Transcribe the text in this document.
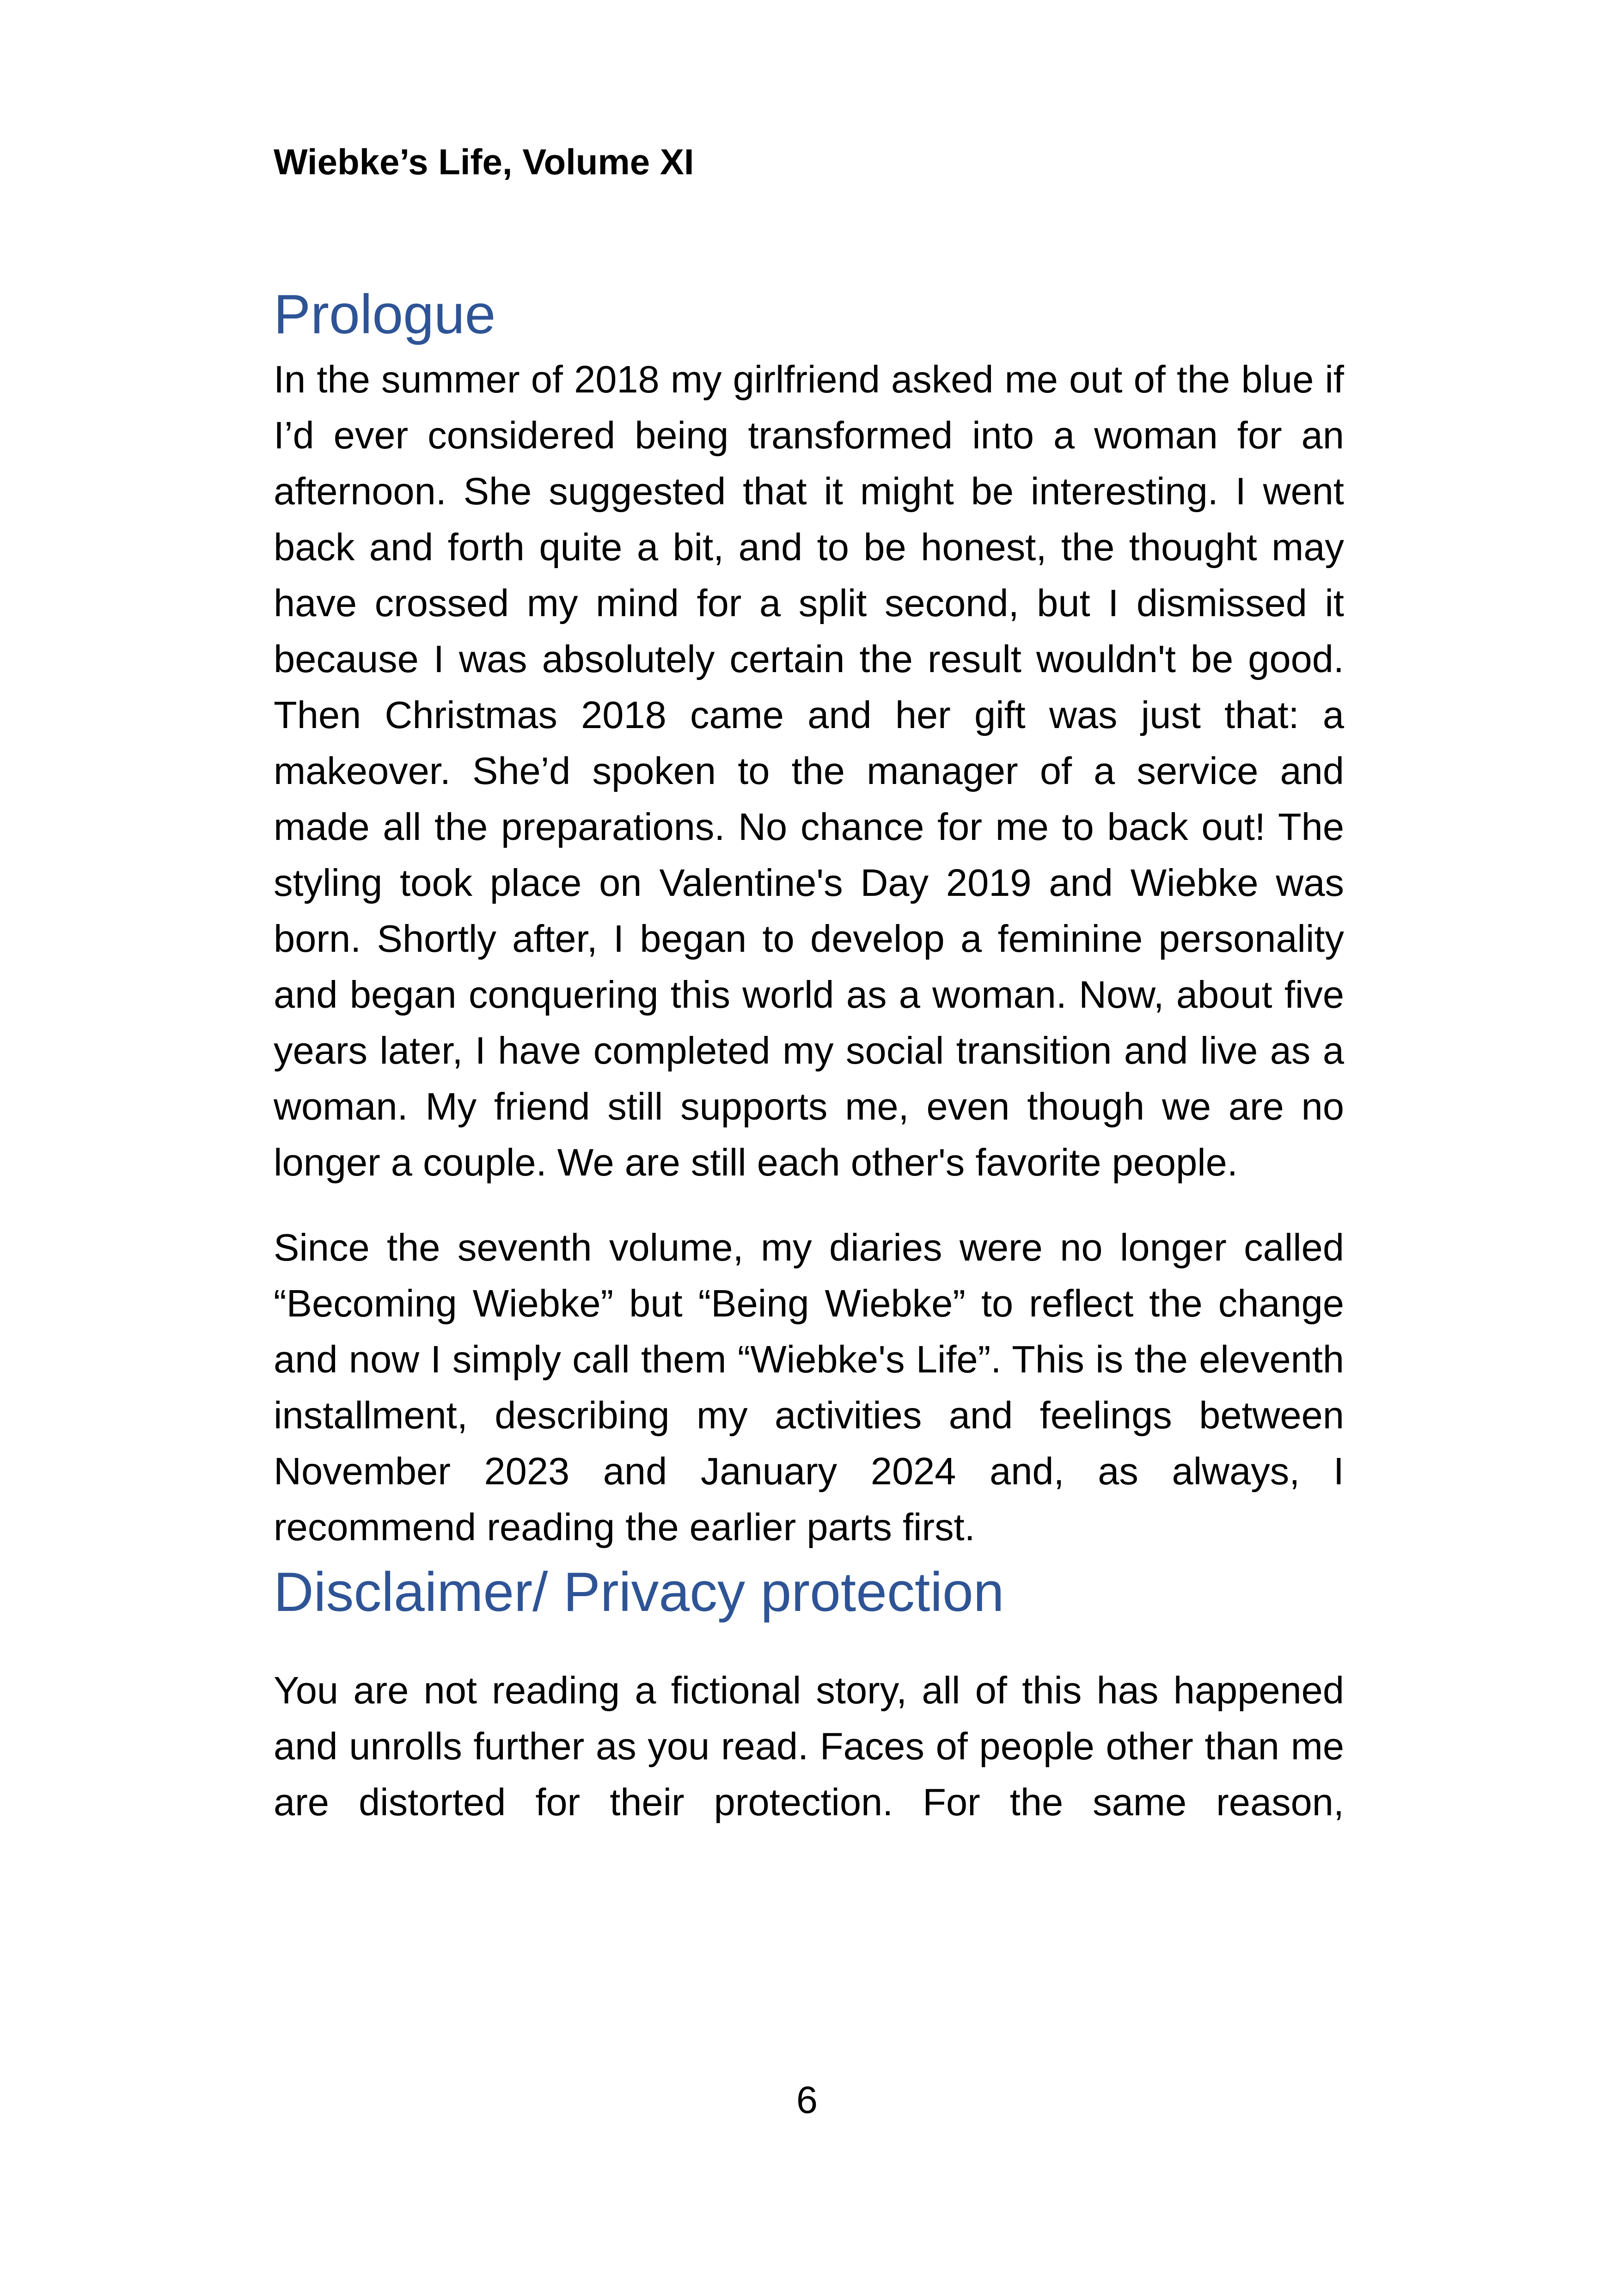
Wiebke’s Life, Volume XI
Prologue

In the summer of 2018 my girlfriend asked me out of the blue if I’d ever considered being transformed into a woman for an afternoon. She suggested that it might be interesting. I went back and forth quite a bit, and to be honest, the thought may have crossed my mind for a split second, but I dismissed it because I was absolutely certain the result wouldn't be good. Then Christmas 2018 came and her gift was just that: a makeover. She’d spoken to the manager of a service and made all the preparations. No chance for me to back out! The styling took place on Valentine's Day 2019 and Wiebke was born. Shortly after, I began to develop a feminine personality and began conquering this world as a woman. Now, about five years later, I have completed my social transition and live as a woman. My friend still supports me, even though we are no longer a couple. We are still each other's favorite people.

Since the seventh volume, my diaries were no longer called “Becoming Wiebke” but “Being Wiebke” to reflect the change and now I simply call them “Wiebke's Life”. This is the eleventh installment, describing my activities and feelings between November 2023 and January 2024 and, as always, I recommend reading the earlier parts first.

Disclaimer/ Privacy protection

You are not reading a fictional story, all of this has happened and unrolls further as you read. Faces of people other than me are distorted for their protection. For the same reason,

6
